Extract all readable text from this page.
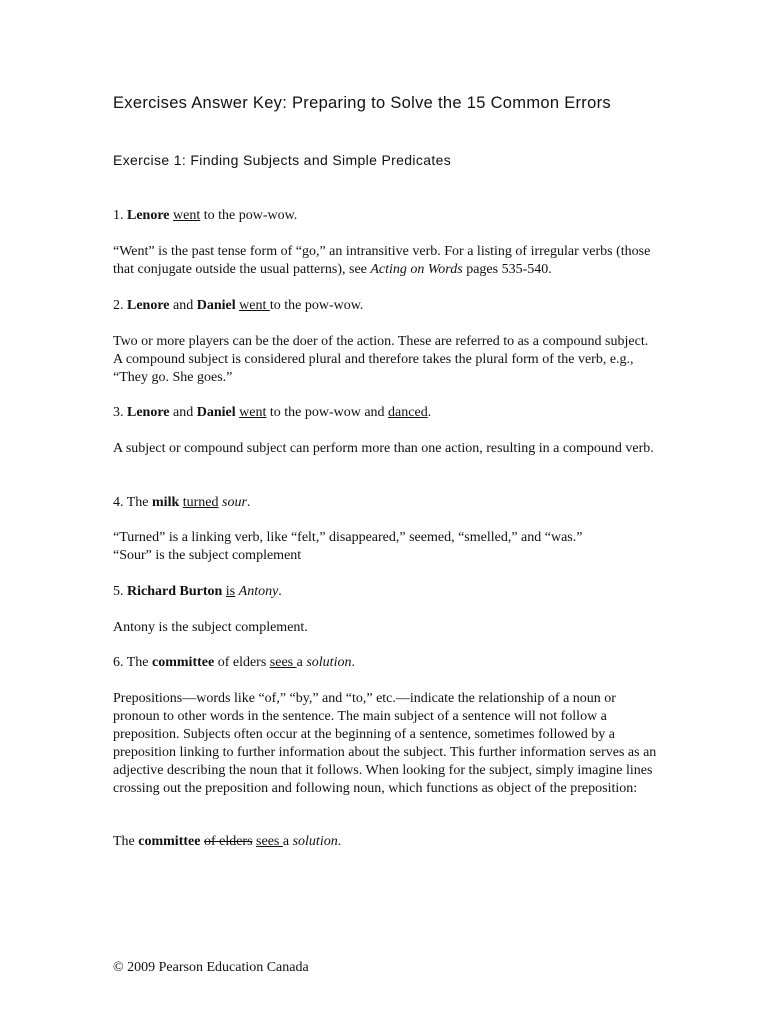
Exercises Answer Key: Preparing to Solve the 15 Common Errors
Exercise 1: Finding Subjects and Simple Predicates

1. Lenore went to the pow-wow.

“Went” is the past tense form of “go,” an intransitive verb. For a listing of irregular verbs (those that conjugate outside the usual patterns), see Acting on Words pages 535-540.

2. Lenore and Daniel went to the pow-wow.

Two or more players can be the doer of the action. These are referred to as a compound subject. A compound subject is considered plural and therefore takes the plural form of the verb, e.g., “They go. She goes.”

3. Lenore and Daniel went to the pow-wow and danced.

A subject or compound subject can perform more than one action, resulting in a compound verb.

4. The milk turned sour.

“Turned” is a linking verb, like “felt,” disappeared,” seemed, “smelled,” and “was.”
“Sour” is the subject complement

5. Richard Burton is Antony.

Antony is the subject complement.

6. The committee of elders sees a solution.

Prepositions—words like “of,” “by,” and “to,” etc.—indicate the relationship of a noun or pronoun to other words in the sentence. The main subject of a sentence will not follow a preposition. Subjects often occur at the beginning of a sentence, sometimes followed by a preposition linking to further information about the subject. This further information serves as an adjective describing the noun that it follows. When looking for the subject, simply imagine lines crossing out the preposition and following noun, which functions as object of the preposition:

The committee of elders sees a solution.

© 2009 Pearson Education Canada
